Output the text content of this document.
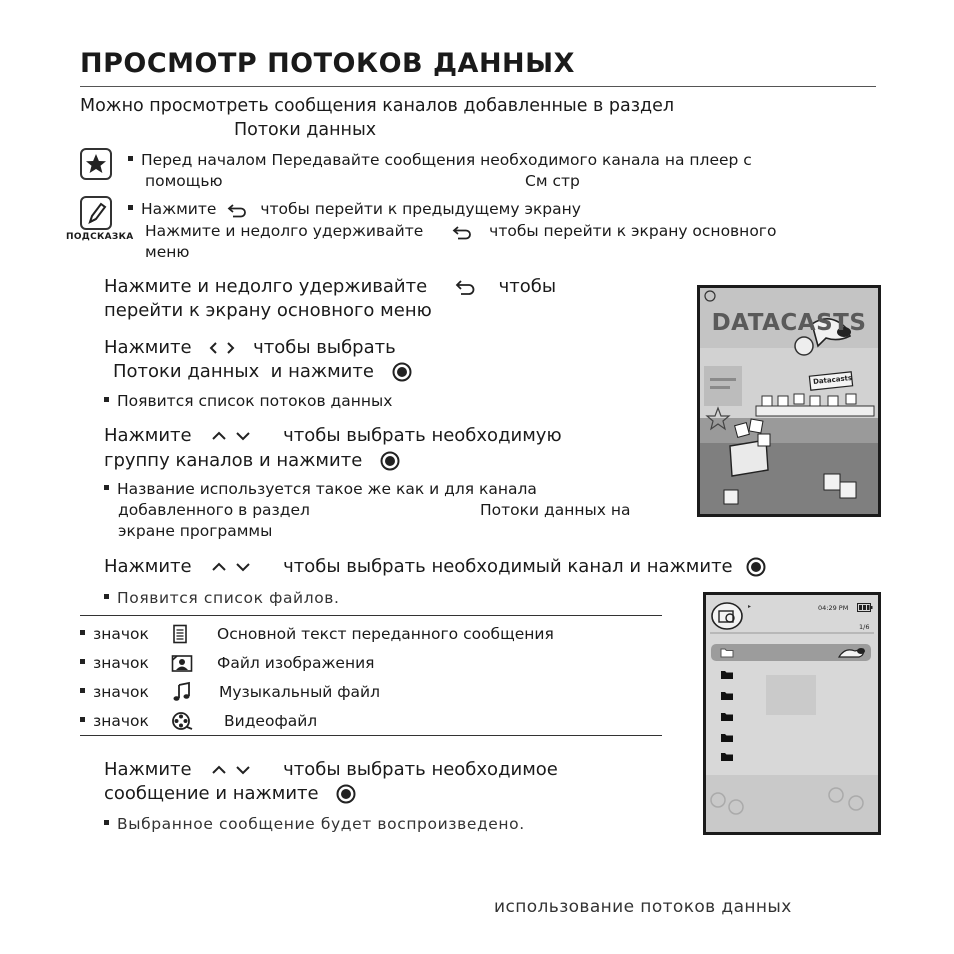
ПРОСМОТР ПОТОКОВ ДАННЫХ
Можно просмотреть сообщения каналов добавленные в раздел
Потоки данных
Перед началом Передавайте сообщения необходимого канала на плеер с
помощью	См стр
ПОДСКАЗКА
Нажмите	чтобы перейти к предыдущему экрану
Нажмите и недолго удерживайте	чтобы перейти к экрану основного
меню
Нажмите и недолго удерживайте	чтобы
перейти к экрану основного меню
Нажмите	чтобы выбрать
Потоки данных и нажмите
Появится список потоков данных
Нажмите	чтобы выбрать необходимую
группу каналов и нажмите
Название используется такое же как и для канала
добавленного в раздел	Потоки данных на
экране программы
Нажмите	чтобы выбрать необходимый канал и нажмите
Появится список файлов.
значок	Основной текст переданного сообщения
значок	Файл изображения
значок	Музыкальный файл
значок	Видеофайл
Нажмите	чтобы выбрать необходимое
сообщение и нажмите
Выбранное сообщение будет воспроизведено.
DATACASTS
Datacasts
▸	04:29 PM
1/6
использование потоков данных
